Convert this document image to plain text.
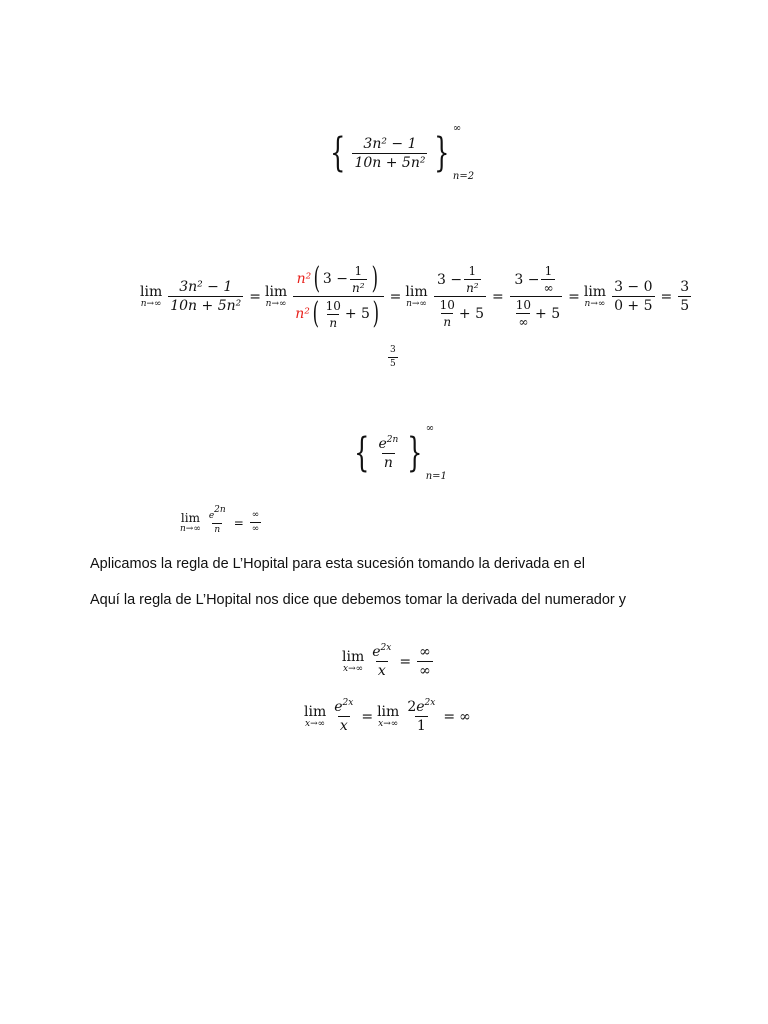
{ $\frac{\text{3n² − 1}}{\text{10n + 5n²}}$ }
∞
n=2
lim
$n\to\infty \frac{\text{3n² − 1}}{\text{10n + 5n²}} = \lim$
n→∞
n² ( $3 - \frac{1}{\text{n²}}$ )
n² ( $\frac{10}{n} + 5$ ) = lim
$n\to\infty \frac{3 - \frac{1}{\text{n²}}}{\frac{10}{n} + 5} = \frac{3 - \frac{1}{\infty}}{\frac{10}{\infty} + 5} = \lim$
$n\to\infty \frac{3 - 0}{0 + 5} = \frac{3}{5}$
$\frac{3}{5}$
{ $\frac{e^{2n}}{n}$ }
∞
n=1
lim
$n\to\infty \frac{e^{2n}}{n} = \frac{\infty}{\infty}$
Aplicamos la regla de L’Hopital para esta sucesión tomando la derivada en el
Aquí la regla de L’Hopital nos dice que debemos tomar la derivada del numerador y
lim
$x\to\infty \frac{e^{2x}}{x} = \frac{\infty}{\infty}$
lim
$x\to\infty \frac{e^{2x}}{x} = \lim$
$x\to\infty \frac{2e^{2x}}{1}$ = ∞
